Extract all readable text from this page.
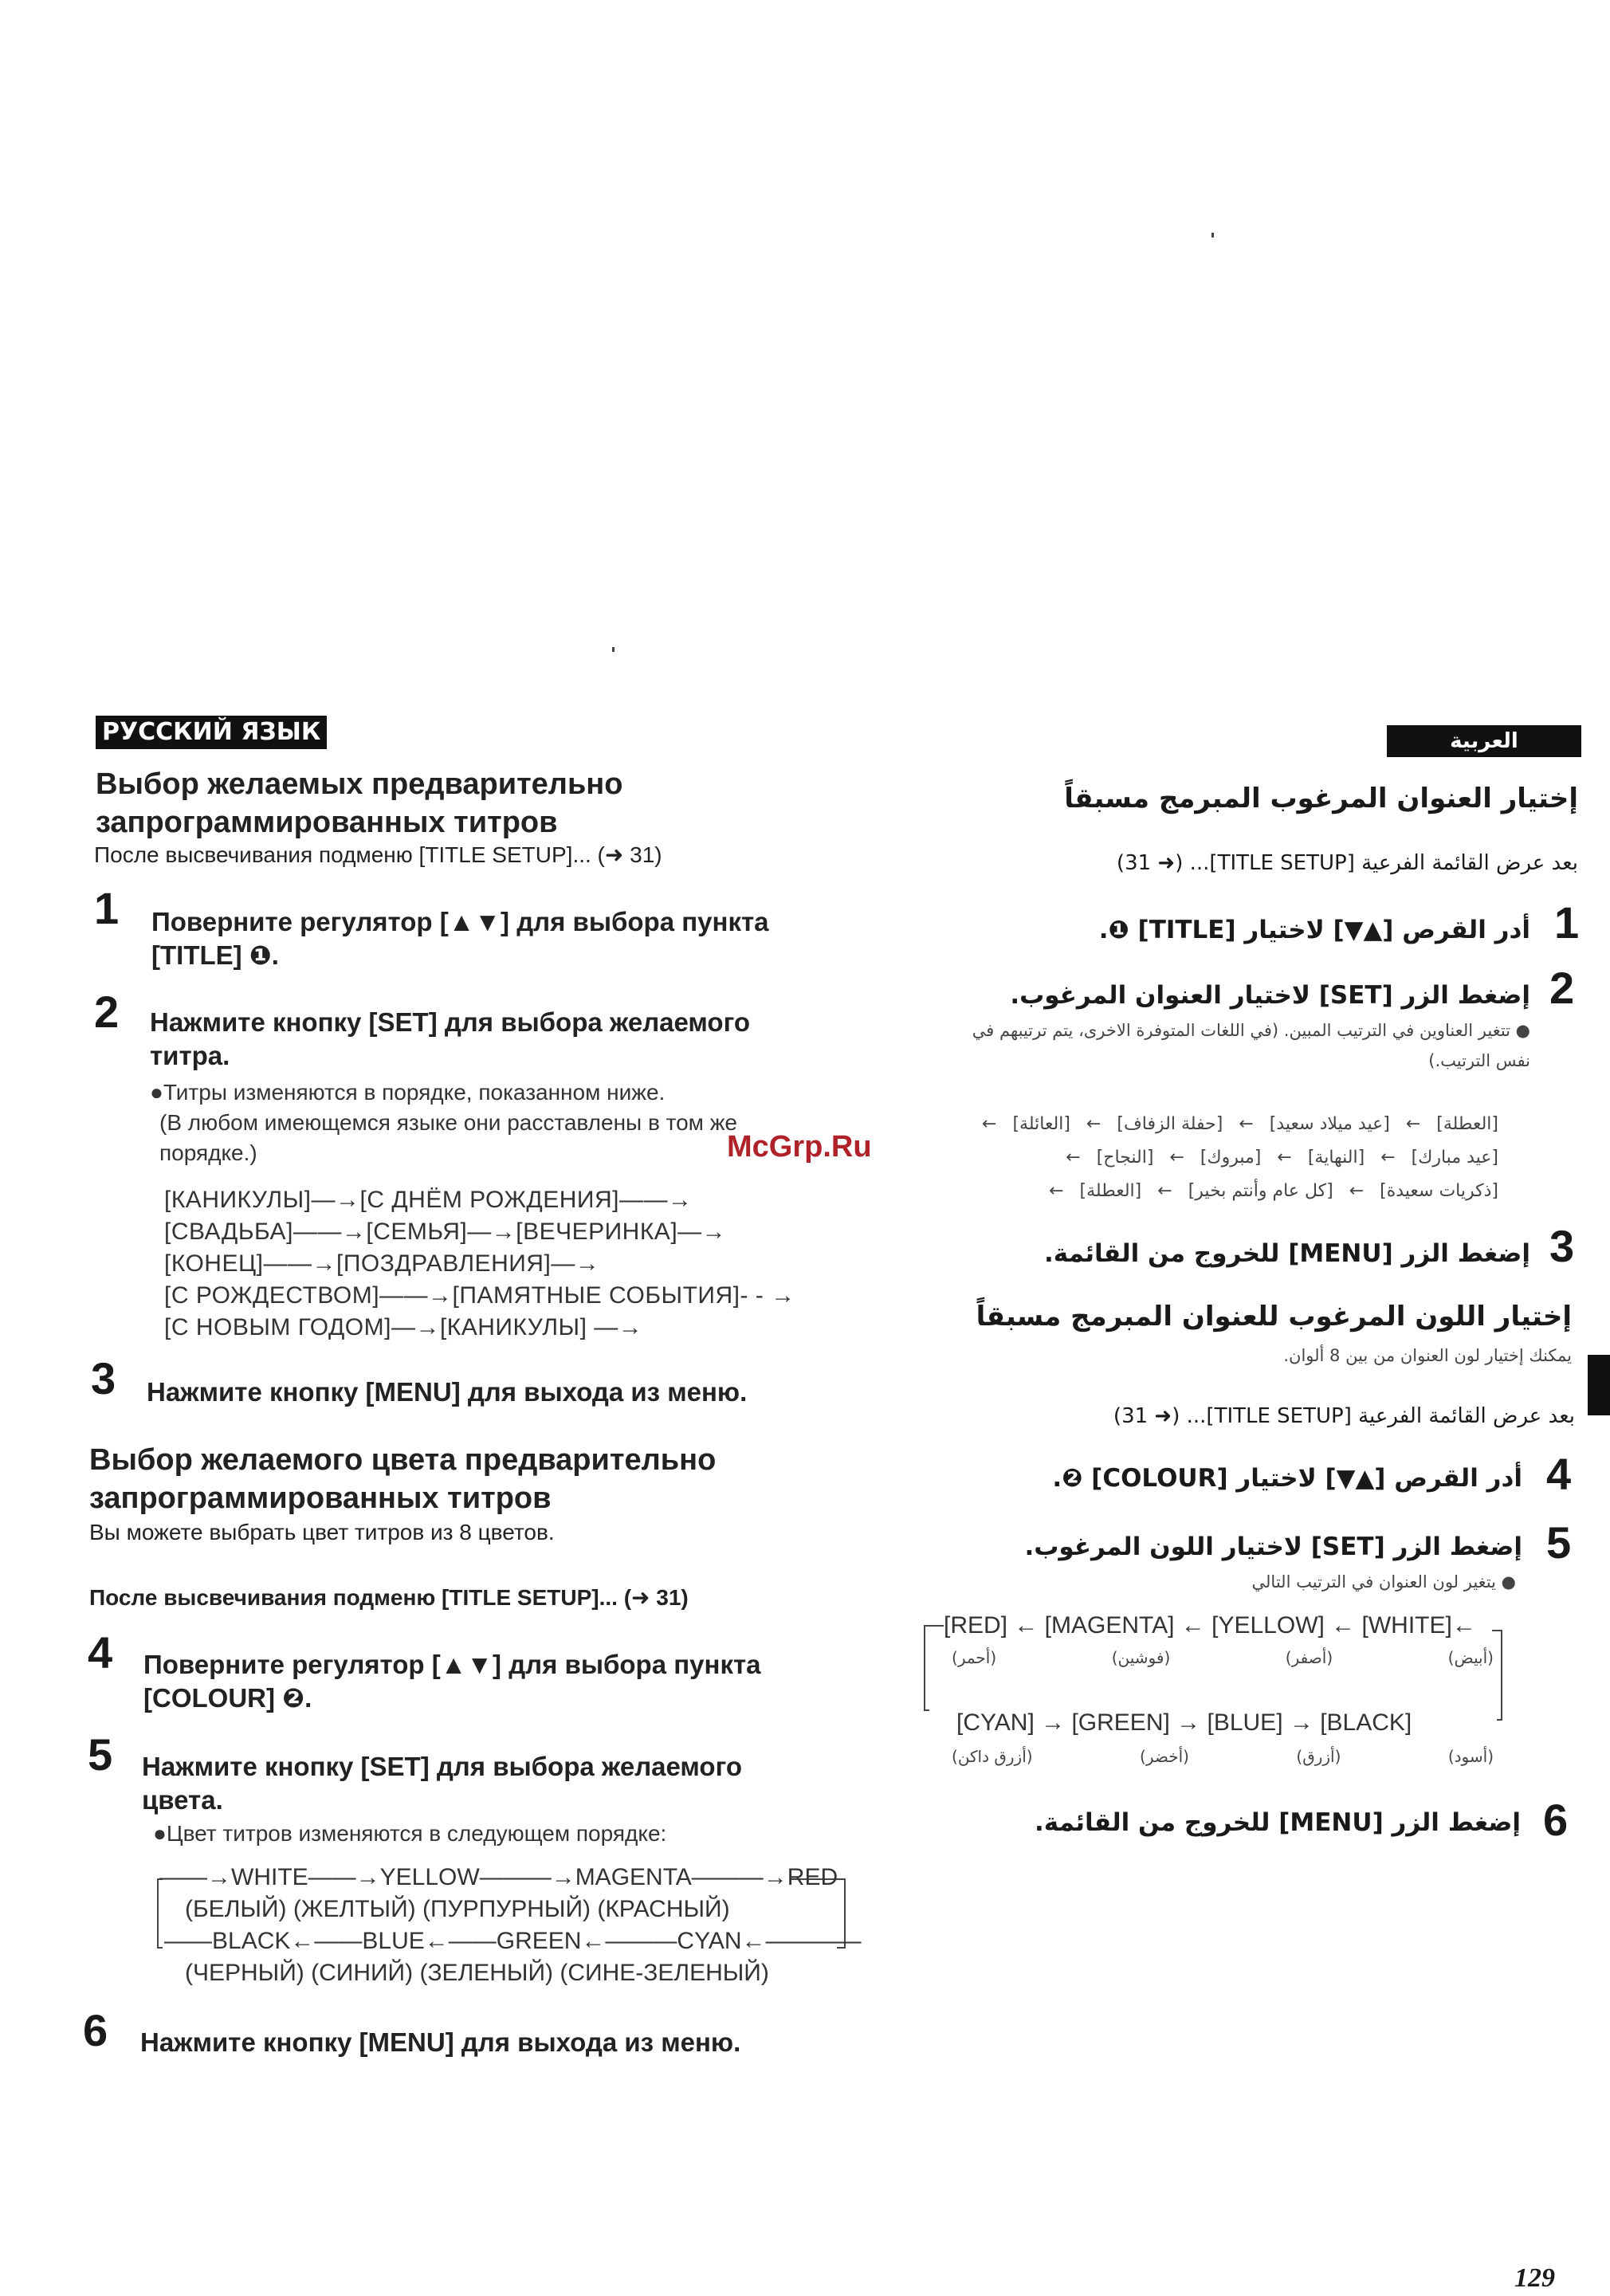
РУССКИЙ ЯЗЫК
Выбор желаемых предварительно
запрограммированных титров
После высвечивания подменю [TITLE SETUP]... (➜ 31)
1 Поверните регулятор [▲▼] для выбора пункта
[TITLE] ❶.
2 Нажмите кнопку [SET] для выбора желаемого
титра.
●Титры изменяются в порядке, показанном ниже.
(В любом имеющемся языке они расставлены в том же
порядке.)
[КАНИКУЛЫ]—→[С ДНЁМ РОЖДЕНИЯ]——→
[СВАДЬБА]——→[СЕМЬЯ]—→[ВЕЧЕРИНКА]—→
[КОНЕЦ]——→[ПОЗДРАВЛЕНИЯ]—→
[С РОЖДЕСТВОМ]——→[ПАМЯТНЫЕ СОБЫТИЯ]- - →
[С НОВЫМ ГОДОМ]—→[КАНИКУЛЫ] —→
3 Нажмите кнопку [MENU] для выхода из меню.
Выбор желаемого цвета предварительно
запрограммированных титров
Вы можете выбрать цвет титров из 8 цветов.
После высвечивания подменю [TITLE SETUP]... (➜ 31)
4 Поверните регулятор [▲▼] для выбора пункта
[COLOUR] ❷.
5 Нажмите кнопку [SET] для выбора желаемого
цвета.
●Цвет титров изменяются в следующем порядке:
——→WHITE——→YELLOW———→MAGENTA———→RED
(БЕЛЫЙ) (ЖЕЛТЫЙ) (ПУРПУРНЫЙ) (КРАСНЫЙ)
——BLACK←——BLUE←——GREEN←———CYAN←————
(ЧЕРНЫЙ) (СИНИЙ) (ЗЕЛЕНЫЙ) (СИНЕ-ЗЕЛЕНЫЙ)
6 Нажмите кнопку [MENU] для выхода из меню.
العربية
إختيار العنوان المرغوب المبرمج مسبقاً
بعد عرض القائمة الفرعية [TITLE SETUP]... (➜ 31)
1
أدر القرص [▲▼] لاختيار [TITLE] ❶.
2
إضغط الزر [SET] لاختيار العنوان المرغوب.
● تتغير العناوين في الترتيب المبين. (في اللغات المتوفرة الاخرى، يتم ترتيبهم في
نفس الترتيب.)
[العطلة]←[عيد ميلاد سعيد]←[حفلة الزفاف]←[العائلة]←
[عيد مبارك]←[النهاية]←[مبروك]←[النجاح]←
[ذكريات سعيدة]←[كل عام وأنتم بخير]←[العطلة]←
3
إضغط الزر [MENU] للخروج من القائمة.
إختيار اللون المرغوب للعنوان المبرمج مسبقاً
يمكنك إختيار لون العنوان من بين 8 ألوان.
بعد عرض القائمة الفرعية [TITLE SETUP]... (➜ 31)
4
أدر القرص [▲▼] لاختيار [COLOUR] ❷.
5
إضغط الزر [SET] لاختيار اللون المرغوب.
● يتغير لون العنوان في الترتيب التالي
[RED] ← [MAGENTA] ← [YELLOW] ← [WHITE]←
(أحمر)	(فوشين)	(أصفر)	(أبيض)
[CYAN] → [GREEN] → [BLUE] → [BLACK]
(أزرق داكن)	(أخضر)	(أزرق)	(أسود)
6
إضغط الزر [MENU] للخروج من القائمة.
McGrp.Ru
129
